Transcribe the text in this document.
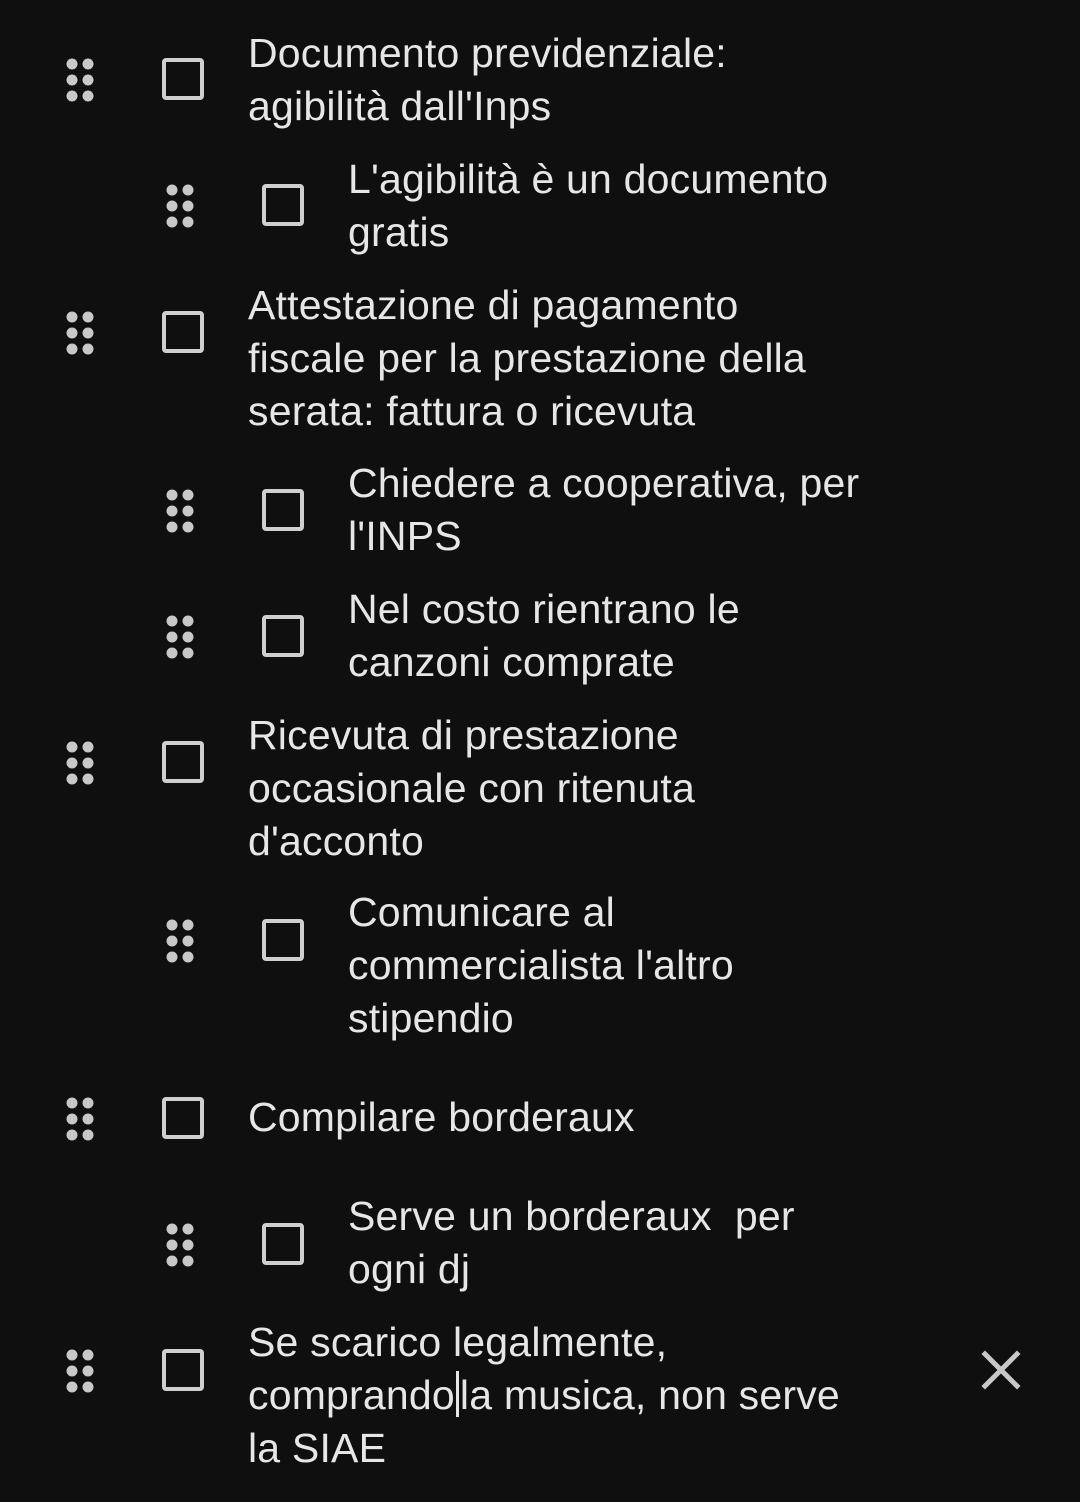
Documento previdenziale:
agibilità dall'Inps
L'agibilità è un documento
gratis
Attestazione di pagamento
fiscale per la prestazione della
serata: fattura o ricevuta
Chiedere a cooperativa, per
l'INPS
Nel costo rientrano le
canzoni comprate
Ricevuta di prestazione
occasionale con ritenuta
d'acconto
Comunicare al
commercialista l'altro
stipendio
Compilare borderaux
Serve un borderaux  per
ogni dj
Se scarico legalmente,
comprando la musica, non serve
la SIAE
